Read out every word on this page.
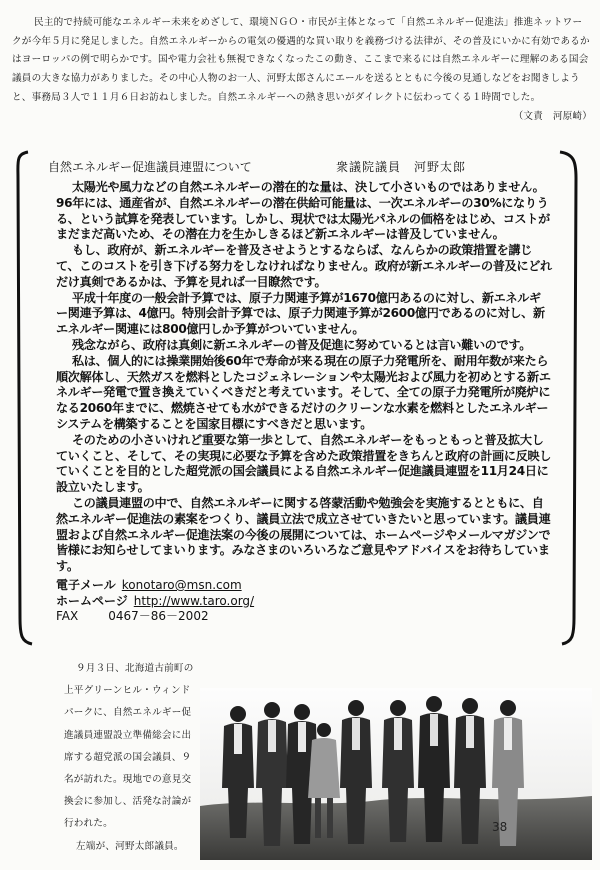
民主的で持続可能なエネルギー未来をめざして、環境ＮＧＯ・市民が主体となって「自然エネルギー促進法」推進ネットワークが今年５月に発足しました。自然エネルギーからの電気の優遇的な買い取りを義務づける法律が、その普及にいかに有効であるかはヨーロッパの例で明らかです。国や電力会社も無視できなくなったこの動き、ここまで来るには自然エネルギーに理解のある国会議員の大きな協力がありました。その中心人物のお一人、河野太郎さんにエールを送るとともに今後の見通しなどをお聞きしようと、事務局３人で１１月６日お訪ねしました。自然エネルギーへの熱き思いがダイレクトに伝わってくる１時間でした。
（文責　河原崎）
自然エネルギー促進議員連盟について	衆議院議員　河野太郎

太陽光や風力などの自然エネルギーの潜在的な量は、決して小さいものではありません。96年には、通産省が、自然エネルギーの潜在供給可能量は、一次エネルギーの30%になりうる、という試算を発表しています。しかし、現状では太陽光パネルの価格をはじめ、コストがまだまだ高いため、その潜在力を生かしきるほど新エネルギーは普及していません。

もし、政府が、新エネルギーを普及させようとするならば、なんらかの政策措置を講じて、このコストを引き下げる努力をしなければなりません。政府が新エネルギーの普及にどれだけ真剣であるかは、予算を見れば一目瞭然です。

平成十年度の一般会計予算では、原子力関連予算が1670億円あるのに対し、新エネルギー関連予算は、4億円。特別会計予算では、原子力関連予算が2600億円であるのに対し、新エネルギー関連には800億円しか予算がついていません。

残念ながら、政府は真剣に新エネルギーの普及促進に努めているとは言い難いのです。

私は、個人的には操業開始後60年で寿命が来る現在の原子力発電所を、耐用年数が来たら順次解体し、天然ガスを燃料としたコジェネレーションや太陽光および風力を初めとする新エネルギー発電で置き換えていくべきだと考えています。そして、全ての原子力発電所が廃炉になる2060年までに、燃焼させても水ができるだけのクリーンな水素を燃料としたエネルギーシステムを構築することを国家目標にすべきだと思います。

そのための小さいけれど重要な第一歩として、自然エネルギーをもっともっと普及拡大していくこと、そして、その実現に必要な予算を含めた政策措置をきちんと政府の計画に反映していくことを目的とした超党派の国会議員による自然エネルギー促進議員連盟を11月24日に設立いたします。

この議員連盟の中で、自然エネルギーに関する啓蒙活動や勉強会を実施するとともに、自然エネルギー促進法の素案をつくり、議員立法で成立させていきたいと思っています。議員連盟および自然エネルギー促進法案の今後の展開については、ホームページやメールマガジンで皆様にお知らせしてまいります。みなさまのいろいろなご意見やアドバイスをお待ちしています。

電子メール konotaro@msn.com
ホームページ http://www.taro.org/
FAX	0467－86－2002

９月３日、北海道古前町の上平グリーンヒル・ウィンドパークに、自然エネルギー促進議員連盟設立準備総会に出席する超党派の国会議員、９名が訪れた。現地での意見交換会に参加し、活発な討論が行われた。

左端が、河野太郎議員。

38
